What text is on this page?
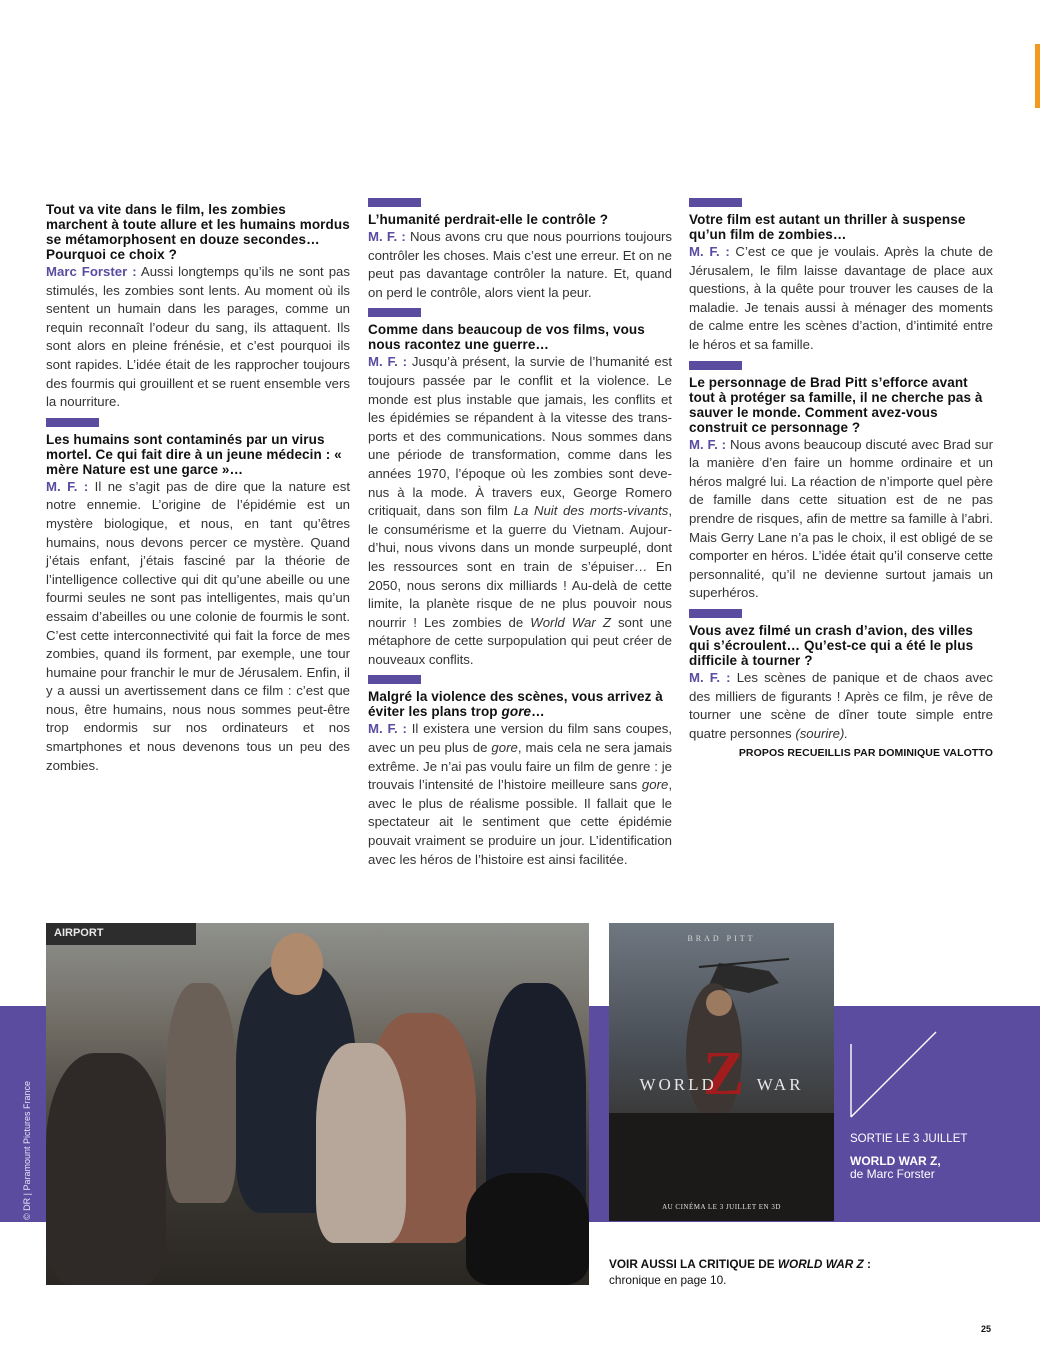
Tout va vite dans le film, les zombies marchent à toute allure et les humains mordus se métamorphosent en douze secondes… Pourquoi ce choix ?

Marc Forster : Aussi longtemps qu’ils ne sont pas stimulés, les zombies sont lents. Au moment où ils sentent un humain dans les parages, comme un requin reconnaît l’odeur du sang, ils attaquent. Ils sont alors en pleine frénésie, et c’est pourquoi ils sont rapides. L’idée était de les rapprocher toujours des fourmis qui grouillent et se ruent ensemble vers la nourriture.

Les humains sont contaminés par un virus mortel. Ce qui fait dire à un jeune médecin : « mère Nature est une garce »…

M. F. : Il ne s’agit pas de dire que la nature est notre ennemie. L’origine de l’épidémie est un mystère biologique, et nous, en tant qu’êtres humains, nous devons percer ce mystère. Quand j’étais enfant, j’étais fasciné par la théorie de l’intelligence collective qui dit qu’une abeille ou une fourmi seules ne sont pas intelligentes, mais qu’un essaim d’abeilles ou une colonie de fourmis le sont. C’est cette interconnectivité qui fait la force de mes zombies, quand ils forment, par exemple, une tour humaine pour franchir le mur de Jérusalem. Enfin, il y a aussi un avertissement dans ce film : c’est que nous, être humains, nous nous sommes peut-être trop endormis sur nos ordinateurs et nos smartphones et nous devenons tous un peu des zombies.

L’humanité perdrait-elle le contrôle ?

M. F. : Nous avons cru que nous pourrions toujours contrôler les choses. Mais c’est une erreur. Et on ne peut pas davantage contrôler la nature. Et, quand on perd le contrôle, alors vient la peur.

Comme dans beaucoup de vos films, vous nous racontez une guerre…

M. F. : Jusqu’à présent, la survie de l’humanité est toujours passée par le conflit et la violence. Le monde est plus instable que jamais, les conflits et les épidémies se répandent à la vitesse des transports et des communications. Nous sommes dans une période de transformation, comme dans les années 1970, l’époque où les zombies sont devenus à la mode. À travers eux, George Romero critiquait, dans son film La Nuit des morts-vivants, le consumérisme et la guerre du Vietnam. Aujourd’hui, nous vivons dans un monde surpeuplé, dont les ressources sont en train de s’épuiser… En 2050, nous serons dix milliards ! Au-delà de cette limite, la planète risque de ne plus pouvoir nous nourrir ! Les zombies de World War Z sont une métaphore de cette surpopulation qui peut créer de nouveaux conflits.

Malgré la violence des scènes, vous arrivez à éviter les plans trop gore…

M. F. : Il existera une version du film sans coupes, avec un peu plus de gore, mais cela ne sera jamais extrême. Je n’ai pas voulu faire un film de genre : je trouvais l’intensité de l’histoire meilleure sans gore, avec le plus de réalisme possible. Il fallait que le spectateur ait le sentiment que cette épidémie pouvait vraiment se produire un jour. L’identification avec les héros de l’histoire est ainsi facilitée.

Votre film est autant un thriller à suspense qu’un film de zombies…

M. F. : C’est ce que je voulais. Après la chute de Jérusalem, le film laisse davantage de place aux questions, à la quête pour trouver les causes de la maladie. Je tenais aussi à ménager des moments de calme entre les scènes d’action, d’intimité entre le héros et sa famille.

Le personnage de Brad Pitt s’efforce avant tout à protéger sa famille, il ne cherche pas à sauver le monde. Comment avez-vous construit ce personnage ?

M. F. : Nous avons beaucoup discuté avec Brad sur la manière d’en faire un homme ordinaire et un héros malgré lui. La réaction de n’importe quel père de famille dans cette situation est de ne pas prendre de risques, afin de mettre sa famille à l’abri. Mais Gerry Lane n’a pas le choix, il est obligé de se comporter en héros. L’idée était qu’il conserve cette personnalité, qu’il ne devienne surtout jamais un superhéros.

Vous avez filmé un crash d’avion, des villes qui s’écroulent… Qu’est-ce qui a été le plus difficile à tourner ?

M. F. : Les scènes de panique et de chaos avec des milliers de figurants ! Après ce film, je rêve de tourner une scène de dîner toute simple entre quatre personnes (sourire).

PROPOS RECUEILLIS PAR DOMINIQUE VALOTTO

© DR | Paramount Pictures France
AIRPORT	BRAD PITT
Z
WORLD   WAR
AU CINÉMA LE 3 JUILLET EN 3D
SORTIE LE 3 JUILLET
WORLD WAR Z,
de Marc Forster
VOIR AUSSI LA CRITIQUE DE WORLD WAR Z :
chronique en page 10.
25
